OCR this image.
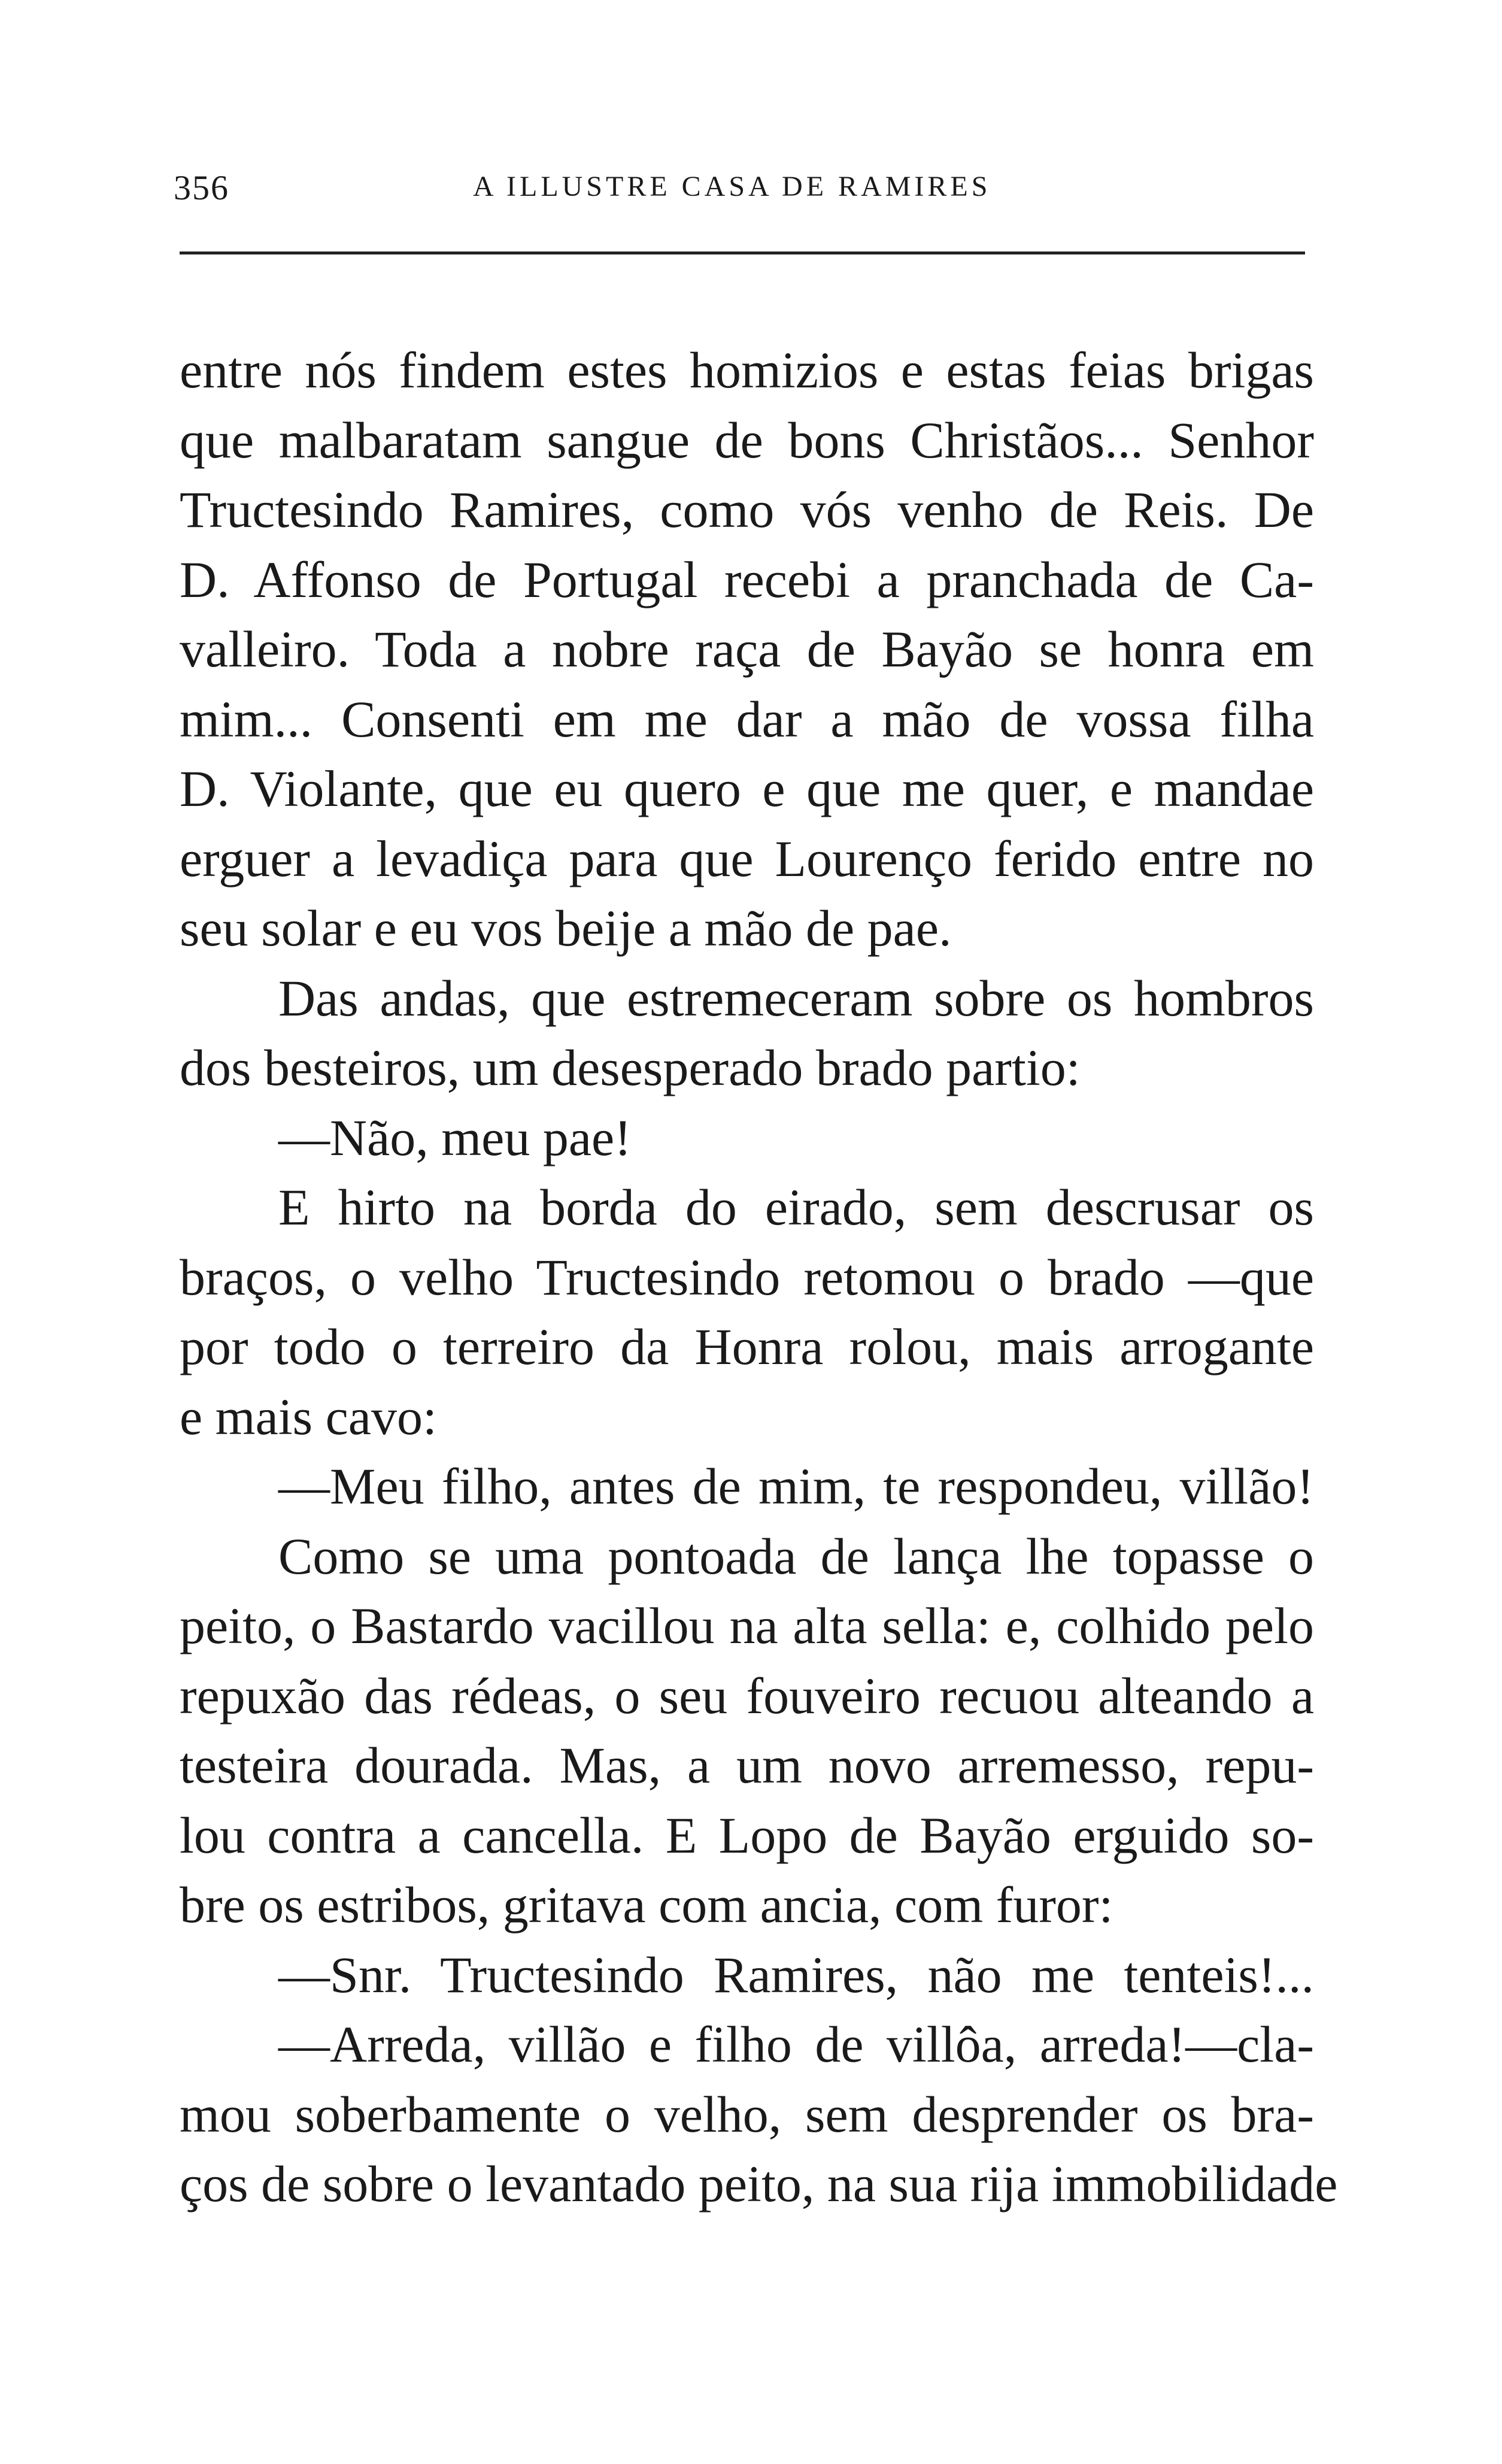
356	A ILLUSTRE CASA DE RAMIRES
entre nós findem estes homizios e estas feias brigas
que malbaratam sangue de bons Christãos... Senhor
Tructesindo Ramires, como vós venho de Reis. De
D. Affonso de Portugal recebi a pranchada de Ca-
valleiro. Toda a nobre raça de Bayão se honra em
mim... Consenti em me dar a mão de vossa filha
D. Violante, que eu quero e que me quer, e mandae
erguer a levadiça para que Lourenço ferido entre no
seu solar e eu vos beije a mão de pae.
Das andas, que estremeceram sobre os hombros
dos besteiros, um desesperado brado partio:
—Não, meu pae!
E hirto na borda do eirado, sem descrusar os
braços, o velho Tructesindo retomou o brado —que
por todo o terreiro da Honra rolou, mais arrogante
e mais cavo:
—Meu filho, antes de mim, te respondeu, villão!
Como se uma pontoada de lança lhe topasse o
peito, o Bastardo vacillou na alta sella: e, colhido pelo
repuxão das rédeas, o seu fouveiro recuou alteando a
testeira dourada. Mas, a um novo arremesso, repu-
lou contra a cancella. E Lopo de Bayão erguido so-
bre os estribos, gritava com ancia, com furor:
—Snr. Tructesindo Ramires, não me tenteis!...
—Arreda, villão e filho de villôa, arreda!—cla-
mou soberbamente o velho, sem desprender os bra-
ços de sobre o levantado peito, na sua rija immobilidade
